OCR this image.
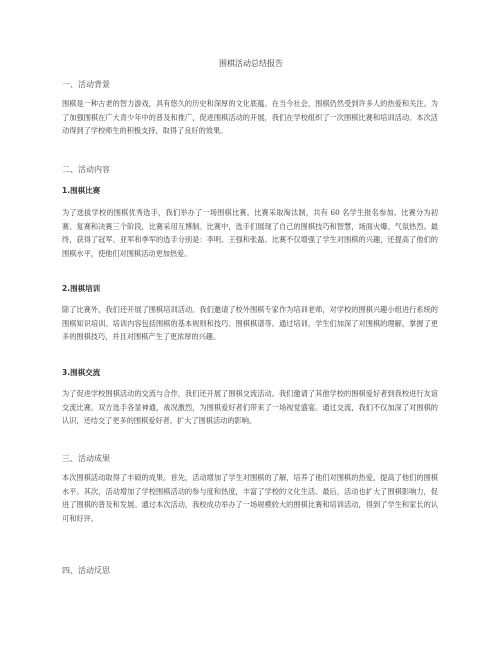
围棋活动总结报告
一、活动背景
围棋是一种古老的智力游戏，具有悠久的历史和深厚的文化底蕴。在当今社会，围棋仍然受到许多人的热爱和关注。为了加强围棋在广大青少年中的普及和推广，促进围棋活动的开展，我们在学校组织了一次围棋比赛和培训活动。本次活动得到了学校师生的积极支持，取得了良好的效果。
二、活动内容
1.围棋比赛
为了选拔学校的围棋优秀选手，我们举办了一场围棋比赛。比赛采取淘汰制，共有 60 名学生报名参加。比赛分为初赛、复赛和决赛三个阶段，比赛采用互博制。比赛中，选手们展现了自己的围棋技巧和智慧，场面火爆、气氛热烈。最终，获得了冠军、亚军和季军的选手分别是：李明、王强和张磊。比赛不仅增强了学生对围棋的兴趣，还提高了他们的围棋水平，使他们对围棋活动更加热爱。
2.围棋培训
除了比赛外，我们还开展了围棋培训活动。我们邀请了校外围棋专家作为培训老师，对学校的围棋兴趣小组进行系统的围棋知识培训。培训内容包括围棋的基本规则和技巧、围棋棋谱等。通过培训，学生们加深了对围棋的理解，掌握了更多的围棋技巧，并且对围棋产生了更浓厚的兴趣。
3.围棋交流
为了促进学校围棋活动的交流与合作，我们还开展了围棋交流活动。我们邀请了其他学校的围棋爱好者到我校进行友谊交流比赛。双方选手各显神通，战况激烈，为围棋爱好者们带来了一场视觉盛宴。通过交流，我们不仅加深了对围棋的认识，还结交了更多的围棋爱好者，扩大了围棋活动的影响。
三、活动成果
本次围棋活动取得了丰硕的成果。首先，活动增加了学生对围棋的了解，培养了他们对围棋的热爱，提高了他们的围棋水平。其次，活动增加了学校围棋活动的参与度和热度，丰富了学校的文化生活。最后，活动也扩大了围棋影响力，促进了围棋的普及和发展。通过本次活动，我校成功举办了一场规模较大的围棋比赛和培训活动，得到了学生和家长的认可和好评。
四、活动反思
